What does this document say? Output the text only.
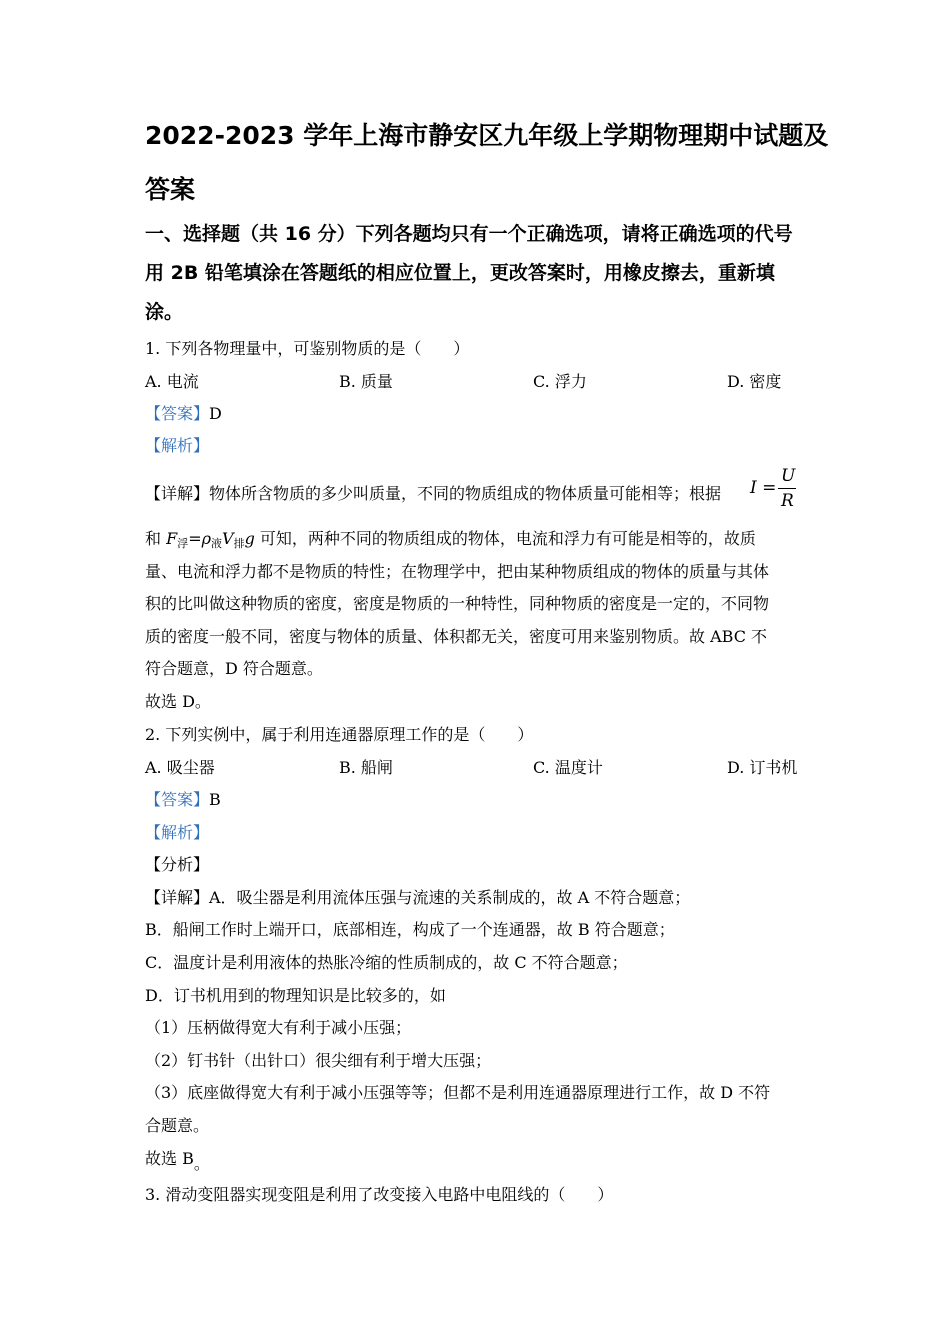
2022-2023 学年上海市静安区九年级上学期物理期中试题及
答案
一、选择题（共 16 分）下列各题均只有一个正确选项，请将正确选项的代号
用 2B 铅笔填涂在答题纸的相应位置上，更改答案时，用橡皮擦去，重新填
涂。
1. 下列各物理量中，可鉴别物质的是（　　）
A. 电流	B. 质量	C. 浮力	D. 密度
【答案】D
【解析】
【详解】物体所含物质的多少叫质量，不同的物质组成的物体质量可能相等；根据 I =
U
R
和 $F_浮=\rho_液V_排g$ 可知，两种不同的物质组成的物体，电流和浮力有可能是相等的，故质
量、电流和浮力都不是物质的特性；在物理学中，把由某种物质组成的物体的质量与其体
积的比叫做这种物质的密度，密度是物质的一种特性，同种物质的密度是一定的，不同物
质的密度一般不同，密度与物体的质量、体积都无关，密度可用来鉴别物质。故 ABC 不
符合题意，D 符合题意。
故选 D。
2. 下列实例中，属于利用连通器原理工作的是（　　）
A. 吸尘器	B. 船闸	C. 温度计	D. 订书机
【答案】B
【解析】
【分析】
【详解】A．吸尘器是利用流体压强与流速的关系制成的，故 A 不符合题意；
B．船闸工作时上端开口，底部相连，构成了一个连通器，故 B 符合题意；
C．温度计是利用液体的热胀冷缩的性质制成的，故 C 不符合题意；
D．订书机用到的物理知识是比较多的，如
（1）压柄做得宽大有利于减小压强；
（2）钉书针（出针口）很尖细有利于增大压强；
（3）底座做得宽大有利于减小压强等等；但都不是利用连通器原理进行工作，故 D 不符
合题意。
故选 B。
3. 滑动变阻器实现变阻是利用了改变接入电路中电阻线的（　　）
